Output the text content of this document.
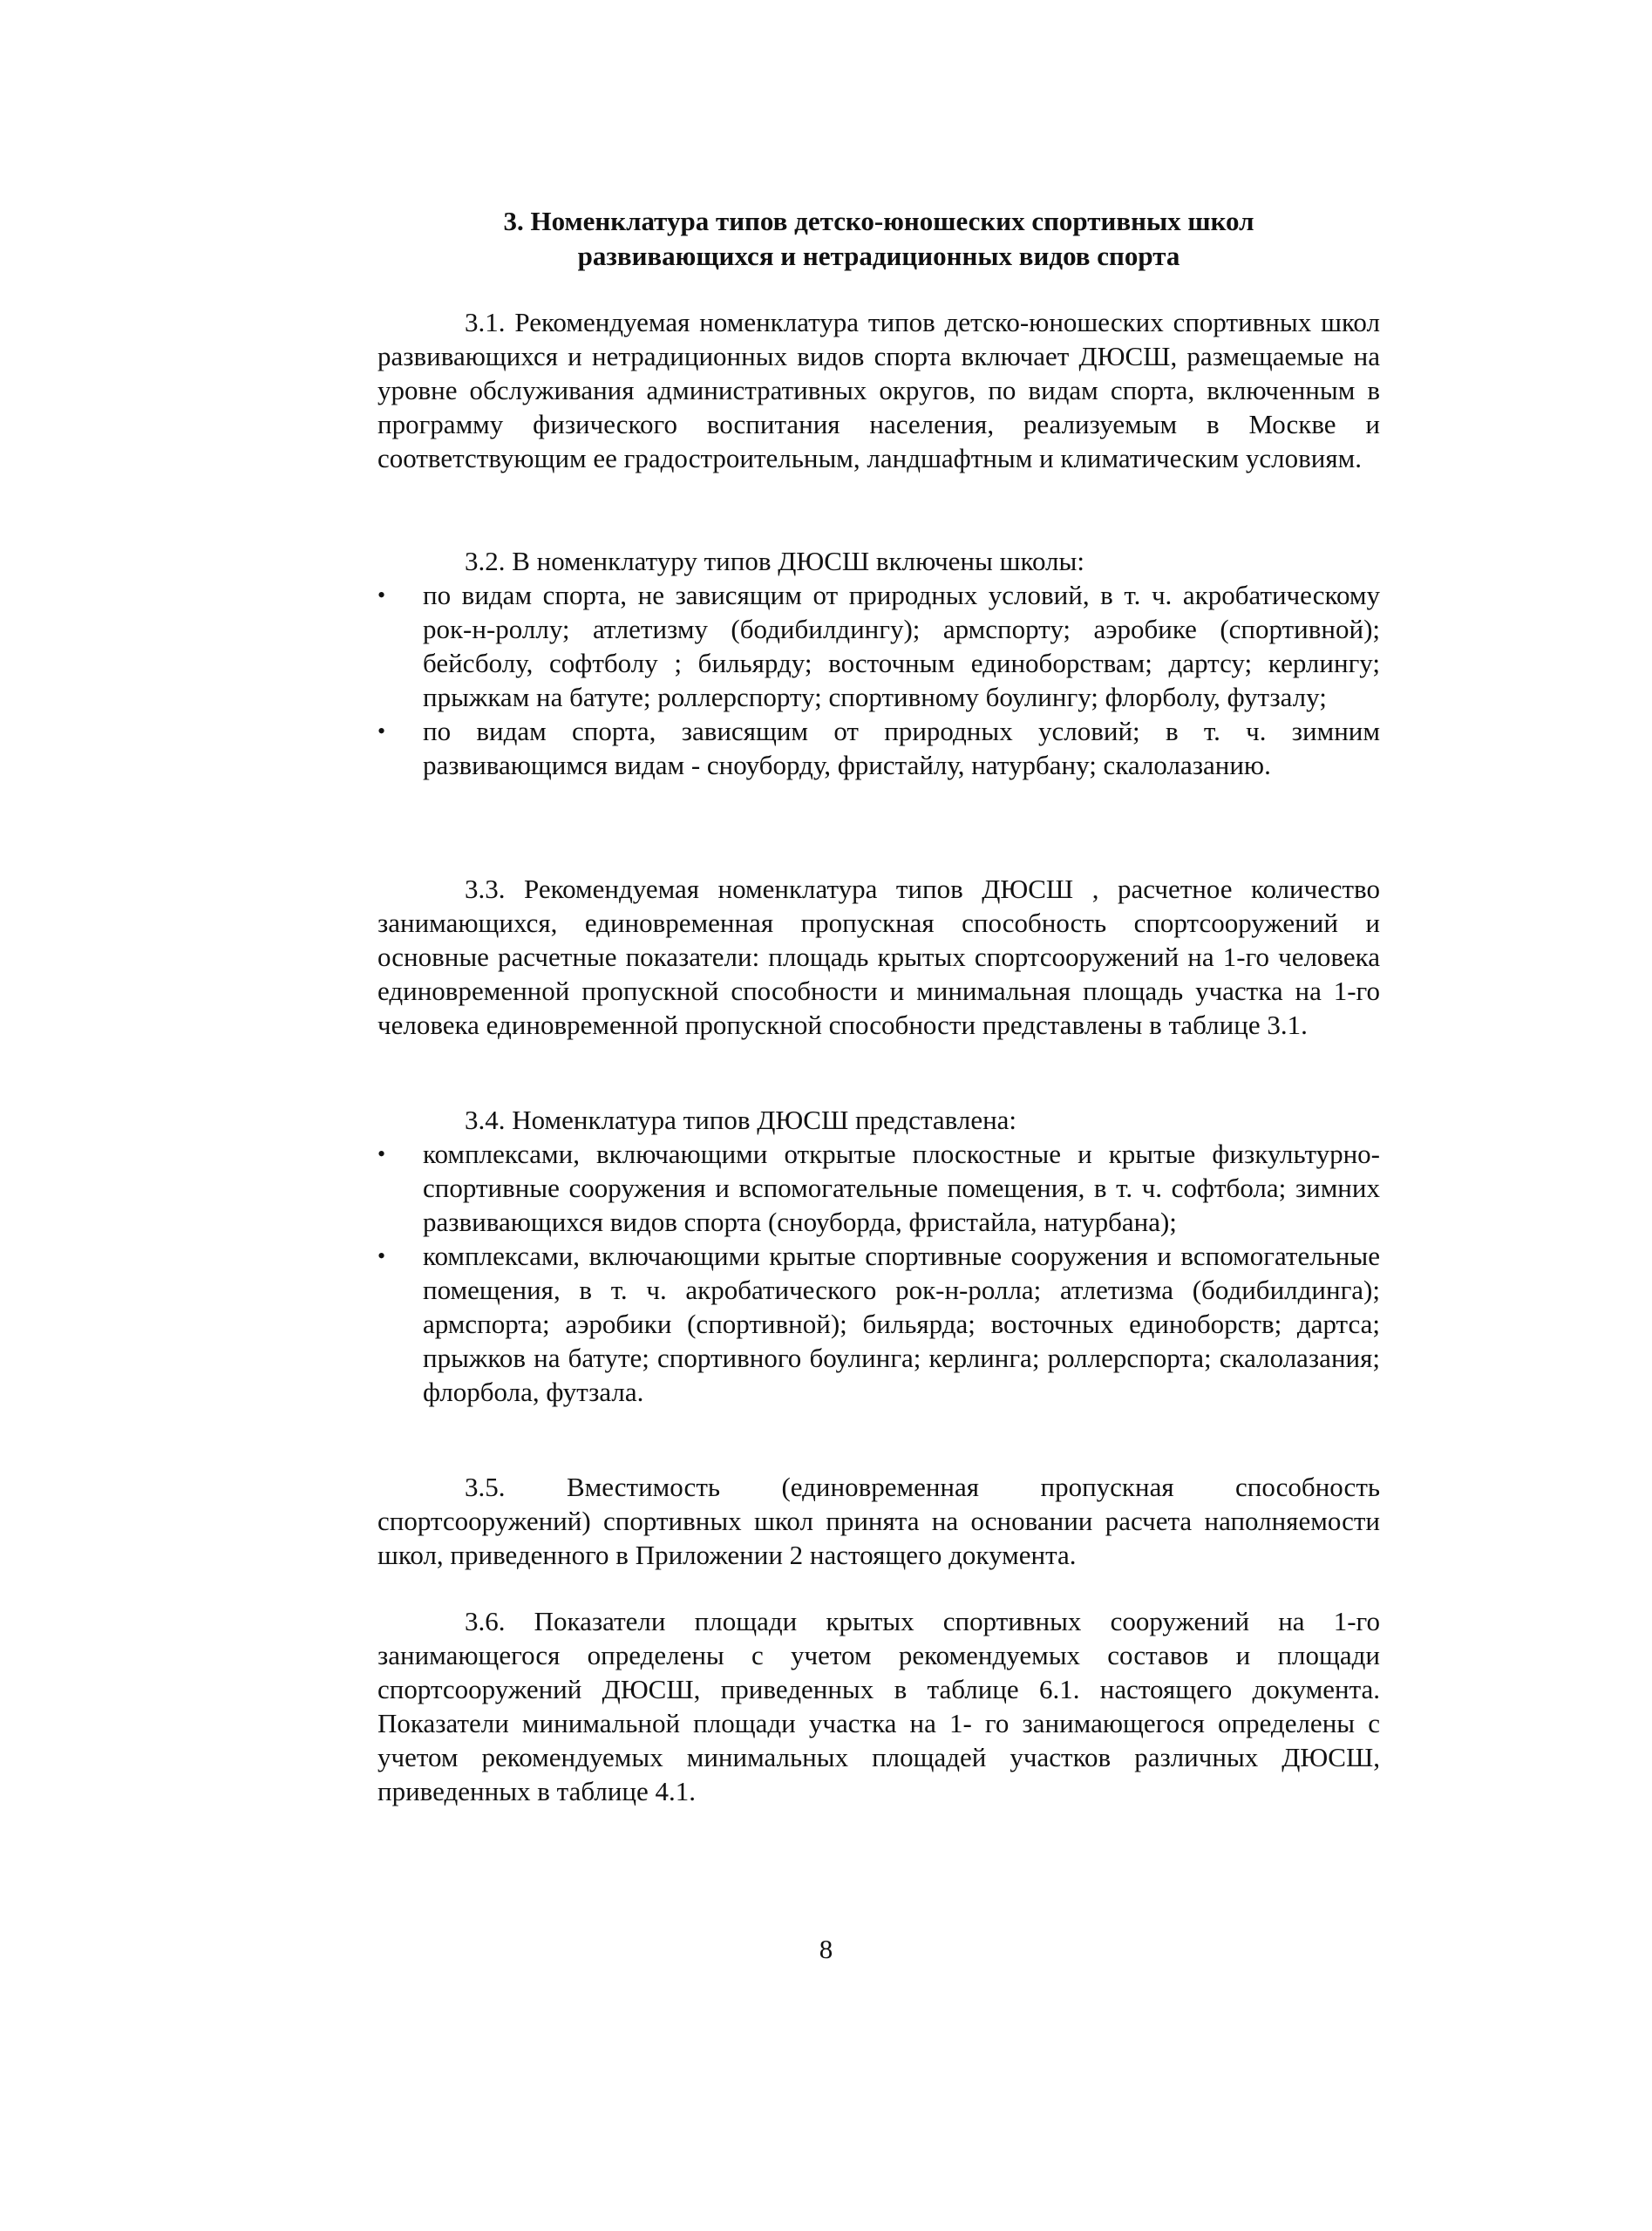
3. Номенклатура типов детско-юношеских спортивных школ
развивающихся и нетрадиционных видов спорта

3.1. Рекомендуемая номенклатура типов детско-юношеских спортивных школ развивающихся и нетрадиционных видов спорта включает ДЮСШ, размещаемые на уровне обслуживания административных округов, по видам спорта, включенным в программу физического воспитания населения, реализуемым в Москве и соответствующим ее градостроительным, ландшафтным и климатическим условиям.

3.2. В номенклатуру типов ДЮСШ включены школы:

• по видам спорта, не зависящим от природных условий, в т. ч. акробатическому рок-н-роллу; атлетизму (бодибилдингу); армспорту; аэробике (спортивной); бейсболу, софтболу ; бильярду; восточным единоборствам; дартсу; керлингу; прыжкам на батуте; роллерспорту; спортивному боулингу; флорболу, футзалу;
• по видам спорта, зависящим от природных условий; в т. ч. зимним развивающимся видам - сноуборду, фристайлу, натурбану; скалолазанию.

3.3. Рекомендуемая номенклатура типов ДЮСШ , расчетное количество занимающихся, единовременная пропускная способность спортсооружений и основные расчетные показатели: площадь крытых спортсооружений на 1-го человека единовременной пропускной способности и минимальная площадь участка на 1-го человека единовременной пропускной способности представлены в таблице 3.1.

3.4. Номенклатура типов ДЮСШ представлена:

• комплексами, включающими открытые плоскостные и крытые физкультурно-спортивные сооружения и вспомогательные помещения, в т. ч. софтбола; зимних развивающихся видов спорта (сноуборда, фристайла, натурбана);
• комплексами, включающими крытые спортивные сооружения и вспомогательные помещения, в т. ч. акробатического рок-н-ролла; атлетизма (бодибилдинга); армспорта; аэробики (спортивной); бильярда; восточных единоборств; дартса; прыжков на батуте; спортивного боулинга; керлинга; роллерспорта; скалолазания; флорбола, футзала.

3.5. Вместимость (единовременная пропускная способность спортсооружений) спортивных школ принята на основании расчета наполняемости школ, приведенного в Приложении 2 настоящего документа.

3.6. Показатели площади крытых спортивных сооружений на 1-го занимающегося определены с учетом рекомендуемых составов и площади спортсооружений ДЮСШ, приведенных в таблице 6.1. настоящего документа. Показатели минимальной площади участка на 1- го занимающегося определены с учетом рекомендуемых минимальных площадей участков различных ДЮСШ, приведенных в таблице 4.1.

8
